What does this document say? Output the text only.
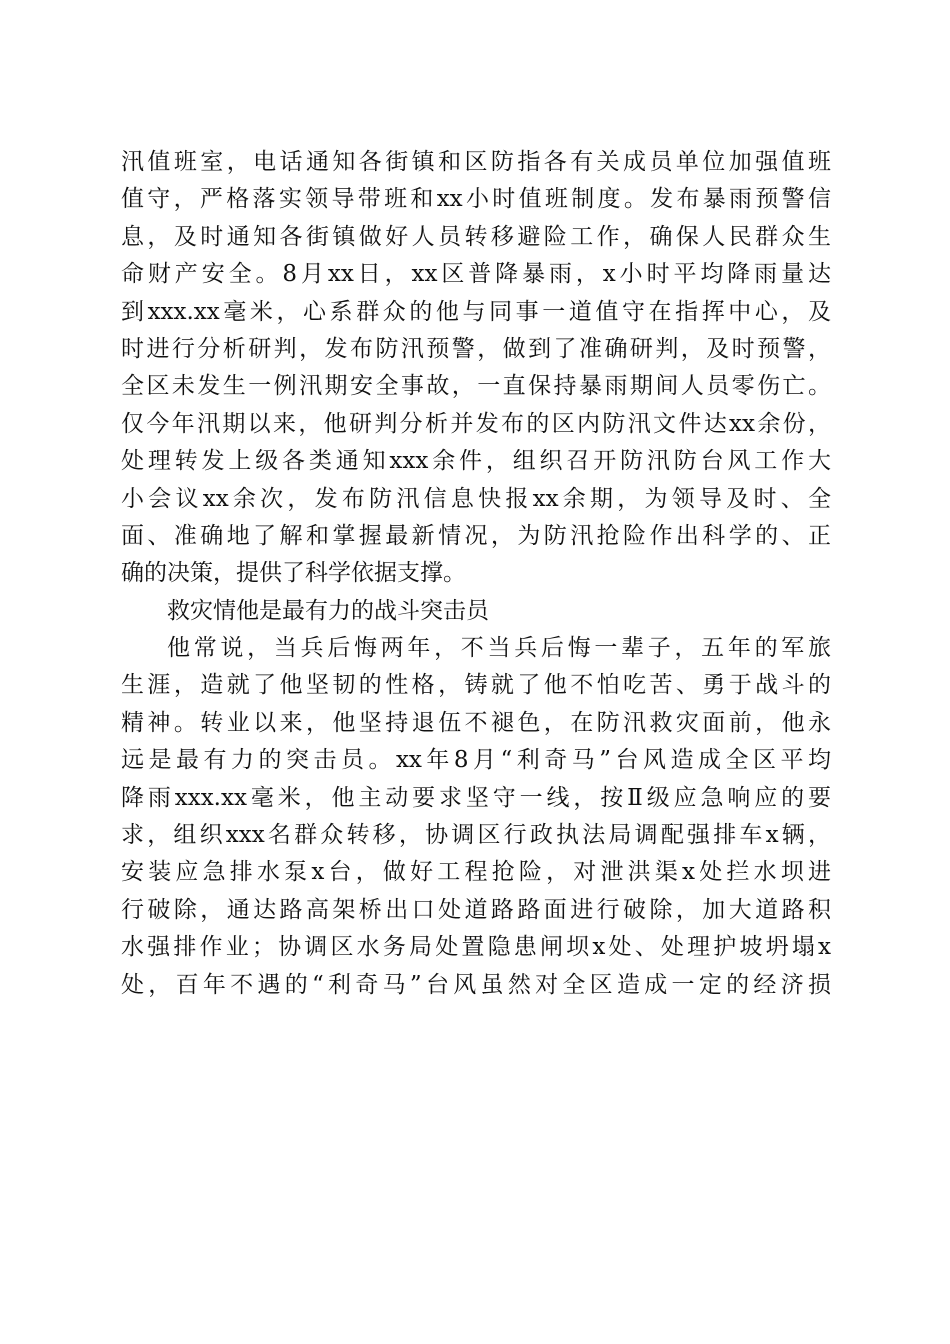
汛值班室，电话通知各街镇和区防指各有关成员单位加强值班
值守，严格落实领导带班和xx小时值班制度。发布暴雨预警信
息，及时通知各街镇做好人员转移避险工作，确保人民群众生
命财产安全。8月xx日，xx区普降暴雨，x小时平均降雨量达
到xxx.xx毫米，心系群众的他与同事一道值守在指挥中心，及
时进行分析研判，发布防汛预警，做到了准确研判，及时预警，
全区未发生一例汛期安全事故，一直保持暴雨期间人员零伤亡。
仅今年汛期以来，他研判分析并发布的区内防汛文件达xx余份，
处理转发上级各类通知xxx余件，组织召开防汛防台风工作大
小会议xx余次，发布防汛信息快报xx余期，为领导及时、全
面、准确地了解和掌握最新情况，为防汛抢险作出科学的、正
确的决策，提供了科学依据支撑。
救灾情他是最有力的战斗突击员
他常说，当兵后悔两年，不当兵后悔一辈子，五年的军旅
生涯，造就了他坚韧的性格，铸就了他不怕吃苦、勇于战斗的
精神。转业以来，他坚持退伍不褪色，在防汛救灾面前，他永
远是最有力的突击员。xx年8月“利奇马”台风造成全区平均
降雨xxx.xx毫米，他主动要求坚守一线，按Ⅱ级应急响应的要
求，组织xxx名群众转移，协调区行政执法局调配强排车x辆，
安装应急排水泵x台，做好工程抢险，对泄洪渠x处拦水坝进
行破除，通达路高架桥出口处道路路面进行破除，加大道路积
水强排作业；协调区水务局处置隐患闸坝x处、处理护坡坍塌x
处，百年不遇的“利奇马”台风虽然对全区造成一定的经济损
